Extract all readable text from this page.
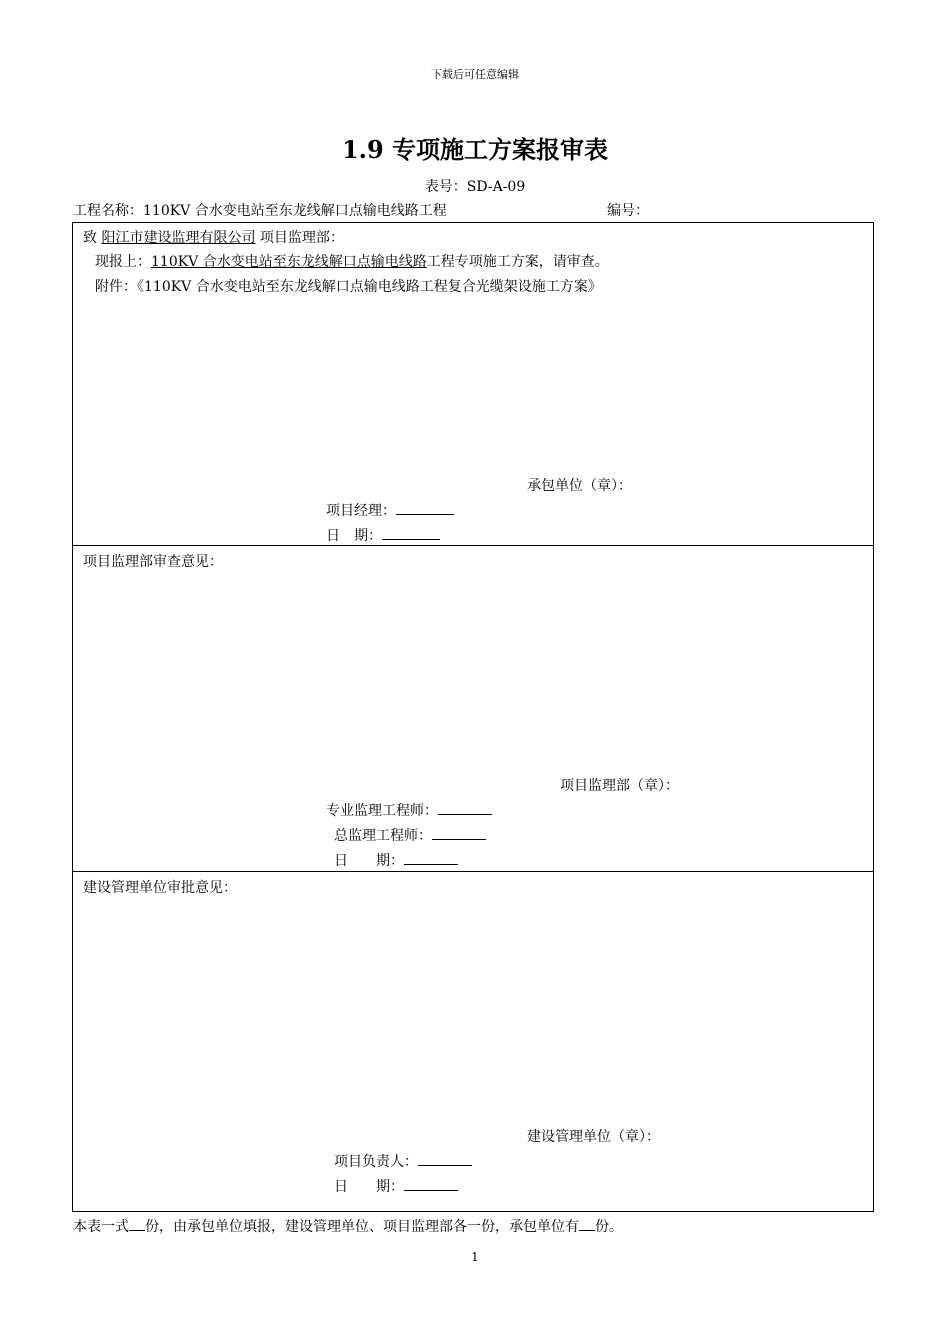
下载后可任意编辑
1.9 专项施工方案报审表
表号：SD-A-09
工程名称：110KV 合水变电站至东龙线解口点输电线路工程	编号：
致 阳江市建设监理有限公司 项目监理部：
现报上：110KV 合水变电站至东龙线解口点输电线路工程专项施工方案，请审查。
附件：《110KV 合水变电站至东龙线解口点输电线路工程复合光缆架设施工方案》
承包单位（章）：
项目经理：
日　期：
项目监理部审查意见：
项目监理部（章）：
专业监理工程师：
总监理工程师：
日　　期：
建设管理单位审批意见：
建设管理单位（章）：
项目负责人：
日　　期：
本表一式 份，由承包单位填报，建设管理单位、项目监理部各一份，承包单位有 份。
1
